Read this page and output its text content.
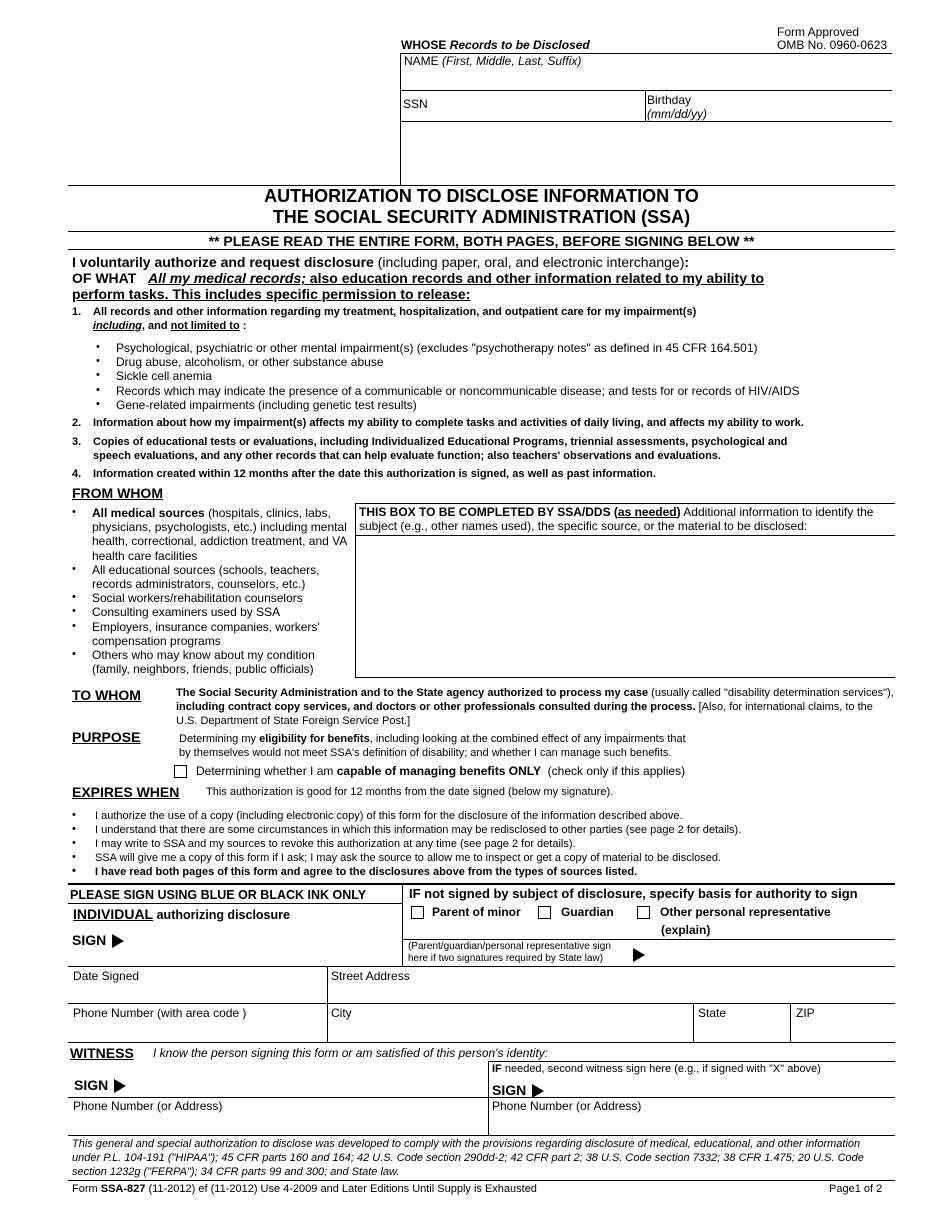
Form Approved
OMB No. 0960-0623
WHOSE Records to be Disclosed
NAME (First, Middle, Last, Suffix)
SSN	Birthday
(mm/dd/yy)
AUTHORIZATION TO DISCLOSE INFORMATION TO
THE SOCIAL SECURITY ADMINISTRATION (SSA)
** PLEASE READ THE ENTIRE FORM, BOTH PAGES, BEFORE SIGNING BELOW **
I voluntarily authorize and request disclosure (including paper, oral, and electronic interchange):
OF WHAT All my medical records; also education records and other information related to my ability to
perform tasks. This includes specific permission to release:
1. All records and other information regarding my treatment, hospitalization, and outpatient care for my impairment(s)
including, and not limited to :
• Psychological, psychiatric or other mental impairment(s) (excludes "psychotherapy notes" as defined in 45 CFR 164.501)
• Drug abuse, alcoholism, or other substance abuse
• Sickle cell anemia
• Records which may indicate the presence of a communicable or noncommunicable disease; and tests for or records of HIV/AIDS
• Gene-related impairments (including genetic test results)
2. Information about how my impairment(s) affects my ability to complete tasks and activities of daily living, and affects my ability to work.
3. Copies of educational tests or evaluations, including Individualized Educational Programs, triennial assessments, psychological and
speech evaluations, and any other records that can help evaluate function; also teachers' observations and evaluations.
4. Information created within 12 months after the date this authorization is signed, as well as past information.
FROM WHOM
• All medical sources (hospitals, clinics, labs, physicians, psychologists, etc.) including mental health, correctional, addiction treatment, and VA health care facilities
• All educational sources (schools, teachers, records administrators, counselors, etc.)
• Social workers/rehabilitation counselors
• Consulting examiners used by SSA
• Employers, insurance companies, workers' compensation programs
• Others who may know about my condition (family, neighbors, friends, public officials)
THIS BOX TO BE COMPLETED BY SSA/DDS (as needed) Additional information to identify the subject (e.g., other names used), the specific source, or the material to be disclosed:
TO WHOM	The Social Security Administration and to the State agency authorized to process my case (usually called "disability determination services"), including contract copy services, and doctors or other professionals consulted during the process. [Also, for international claims, to the U.S. Department of State Foreign Service Post.]
PURPOSE	Determining my eligibility for benefits, including looking at the combined effect of any impairments that
by themselves would not meet SSA's definition of disability; and whether I can manage such benefits.
Determining whether I am capable of managing benefits ONLY (check only if this applies)
EXPIRES WHEN This authorization is good for 12 months from the date signed (below my signature).
• I authorize the use of a copy (including electronic copy) of this form for the disclosure of the information described above.
• I understand that there are some circumstances in which this information may be redisclosed to other parties (see page 2 for details).
• I may write to SSA and my sources to revoke this authorization at any time (see page 2 for details).
• SSA will give me a copy of this form if I ask; I may ask the source to allow me to inspect or get a copy of material to be disclosed.
• I have read both pages of this form and agree to the disclosures above from the types of sources listed.
PLEASE SIGN USING BLUE OR BLACK INK ONLY
INDIVIDUAL authorizing disclosure
SIGN
IF not signed by subject of disclosure, specify basis for authority to sign
Parent of minor	Guardian	Other personal representative
(explain)
(Parent/guardian/personal representative sign
here if two signatures required by State law)
Date Signed	Street Address
Phone Number (with area code )	City	State	ZIP
WITNESS I know the person signing this form or am satisfied of this person's identity:
IF needed, second witness sign here (e.g., if signed with "X" above)
SIGN	SIGN
Phone Number (or Address)	Phone Number (or Address)
This general and special authorization to disclose was developed to comply with the provisions regarding disclosure of medical, educational, and other information under P.L. 104-191 ("HIPAA"); 45 CFR parts 160 and 164; 42 U.S. Code section 290dd-2; 42 CFR part 2; 38 U.S. Code section 7332; 38 CFR 1.475; 20 U.S. Code section 1232g ("FERPA"); 34 CFR parts 99 and 300; and State law.
Form SSA-827 (11-2012) ef (11-2012) Use 4-2009 and Later Editions Until Supply is Exhausted	Page1 of 2
